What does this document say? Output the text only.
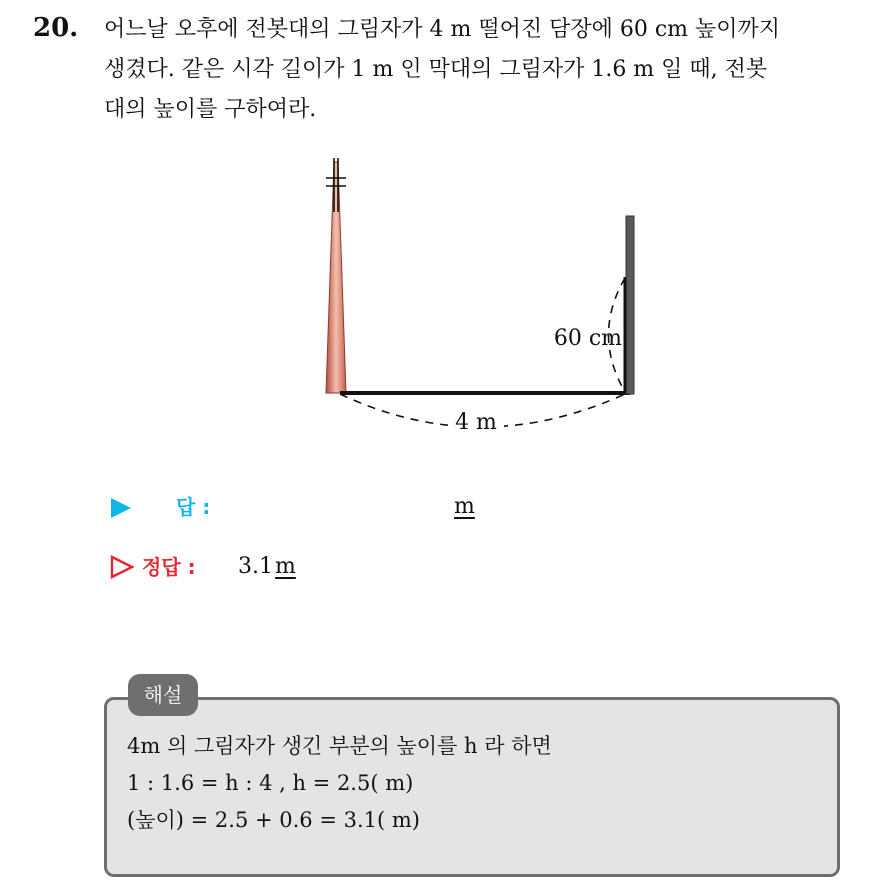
20. 어느날 오후에 전봇대의 그림자가 4 m 떨어진 담장에 60 cm 높이까지
생겼다. 같은 시각 길이가 1 m 인 막대의 그림자가 1.6 m 일 때, 전봇
대의 높이를 구하여라.
4 m
60 cm
답 :	m
정답 : 3.1m
4m 의 그림자가 생긴 부분의 높이를 h 라 하면
1 : 1.6 = h : 4 , h = 2.5( m)
(높이) = 2.5 + 0.6 = 3.1( m)
해설
